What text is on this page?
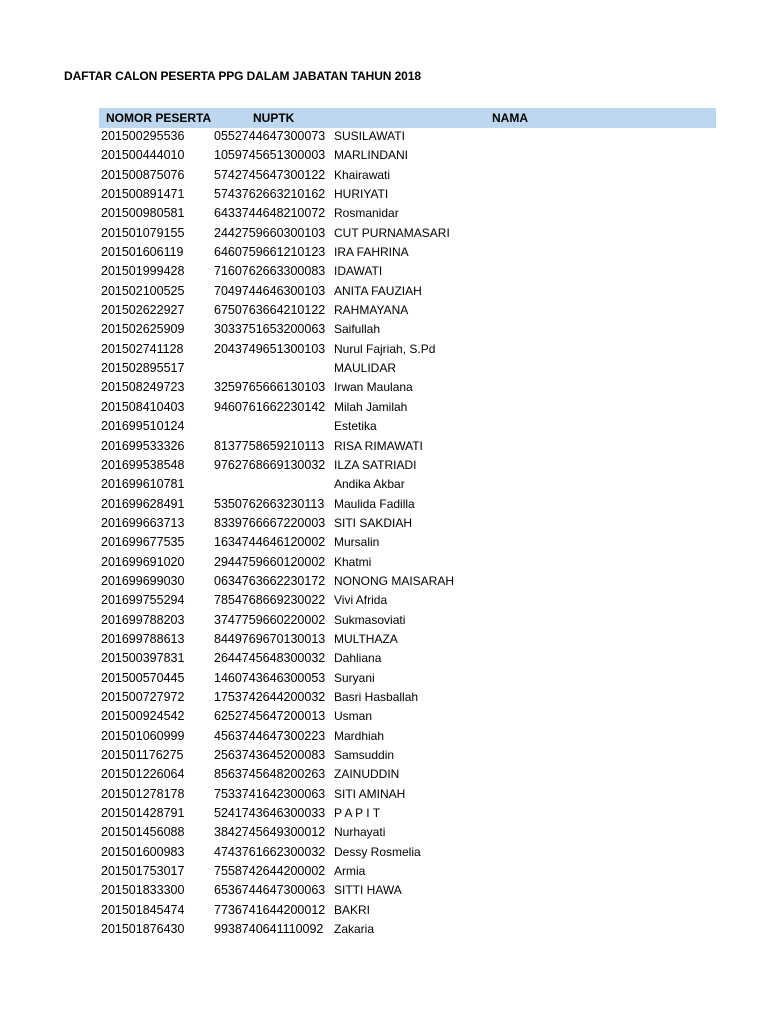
DAFTAR CALON PESERTA PPG DALAM JABATAN TAHUN 2018
NOMOR PESERTA	NUPTK	NAMA
201500295536 0552744647300073 SUSILAWATI
201500444010 1059745651300003 MARLINDANI
201500875076 5742745647300122 Khairawati
201500891471 5743762663210162 HURIYATI
201500980581 6433744648210072 Rosmanidar
201501079155 2442759660300103 CUT PURNAMASARI
201501606119 6460759661210123 IRA FAHRINA
201501999428 7160762663300083 IDAWATI
201502100525 7049744646300103 ANITA FAUZIAH
201502622927 6750763664210122 RAHMAYANA
201502625909 3033751653200063 Saifullah
201502741128 2043749651300103 Nurul Fajriah, S.Pd
201502895517	MAULIDAR
201508249723 3259765666130103 Irwan Maulana
201508410403 9460761662230142 Milah Jamilah
201699510124	Estetika
201699533326 8137758659210113 RISA RIMAWATI
201699538548 9762768669130032 ILZA SATRIADI
201699610781	Andika Akbar
201699628491 5350762663230113 Maulida Fadilla
201699663713 8339766667220003 SITI SAKDIAH
201699677535 1634744646120002 Mursalin
201699691020 2944759660120002 Khatmi
201699699030 0634763662230172 NONONG MAISARAH
201699755294 7854768669230022 Vivi Afrida
201699788203 3747759660220002 Sukmasoviati
201699788613 8449769670130013 MULTHAZA
201500397831 2644745648300032 Dahliana
201500570445 1460743646300053 Suryani
201500727972 1753742644200032 Basri Hasballah
201500924542 6252745647200013 Usman
201501060999 4563744647300223 Mardhiah
201501176275 2563743645200083 Samsuddin
201501226064 8563745648200263 ZAINUDDIN
201501278178 7533741642300063 SITI AMINAH
201501428791 5241743646300033 P A P I T
201501456088 3842745649300012 Nurhayati
201501600983 4743761662300032 Dessy Rosmelia
201501753017 7558742644200002 Armia
201501833300 6536744647300063 SITTI HAWA
201501845474 7736741644200012 BAKRI
201501876430 9938740641110092 Zakaria
